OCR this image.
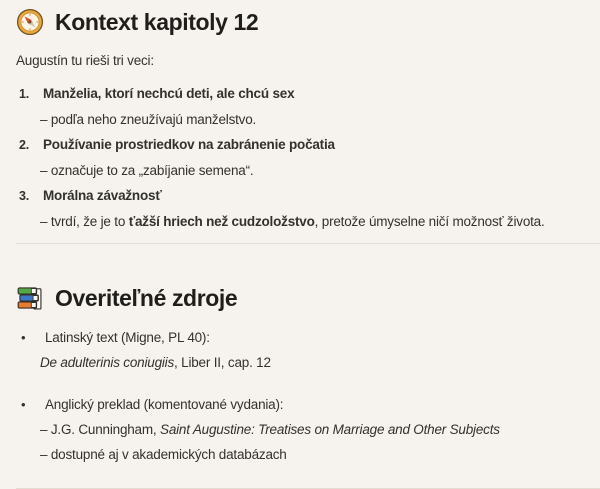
Kontext kapitoly 12

Augustín tu rieši tri veci:

1.	Manželia, ktorí nechcú deti, ale chcú sex
– podľa neho zneužívajú manželstvo.
2.	Používanie prostriedkov na zabránenie počatia
– označuje to za „zabíjanie semena“.
3.	Morálna závažnosť
– tvrdí, že je to ťažší hriech než cudzoložstvo, pretože úmyselne ničí možnosť života.
Overiteľné zdroje
•	Latinský text (Migne, PL 40):
De adulterinis coniugiis, Liber II, cap. 12
•	Anglický preklad (komentované vydania):
– J.G. Cunningham, Saint Augustine: Treatises on Marriage and Other Subjects
– dostupné aj v akademických databázach
